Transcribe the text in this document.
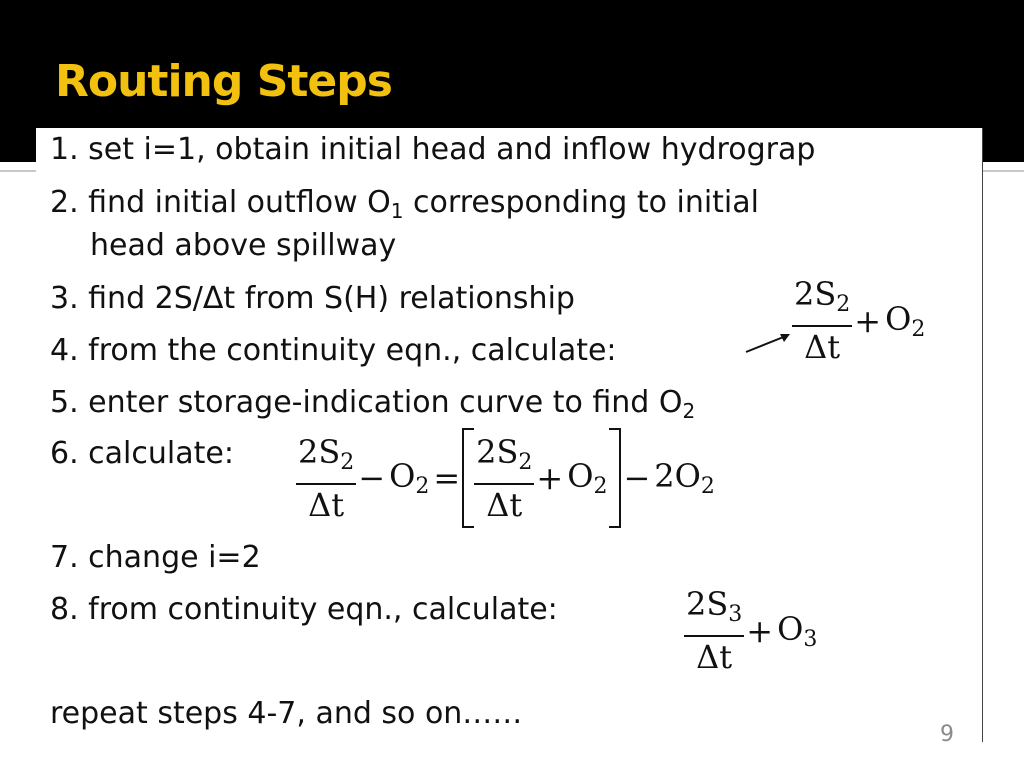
Routing Steps
1. set i=1, obtain initial head and inflow hydrograp
2. find initial outflow $O_1$ corresponding to initial
head above spillway
3. find 2S/Δt from S(H) relationship
4. from the continuity eqn., calculate:
5. enter storage-indication curve to find $O_2$
6. calculate:
7. change i=2
8. from continuity eqn., calculate:
repeat steps 4-7, and so on……
$\frac{2S2}{\Delta t} + O2$
$\frac{2S2}{\Delta t} - O2 = \frac{2S2}{\Delta t} + O2 - 2O2$
$\frac{2S3}{\Delta t} + O3$
9
